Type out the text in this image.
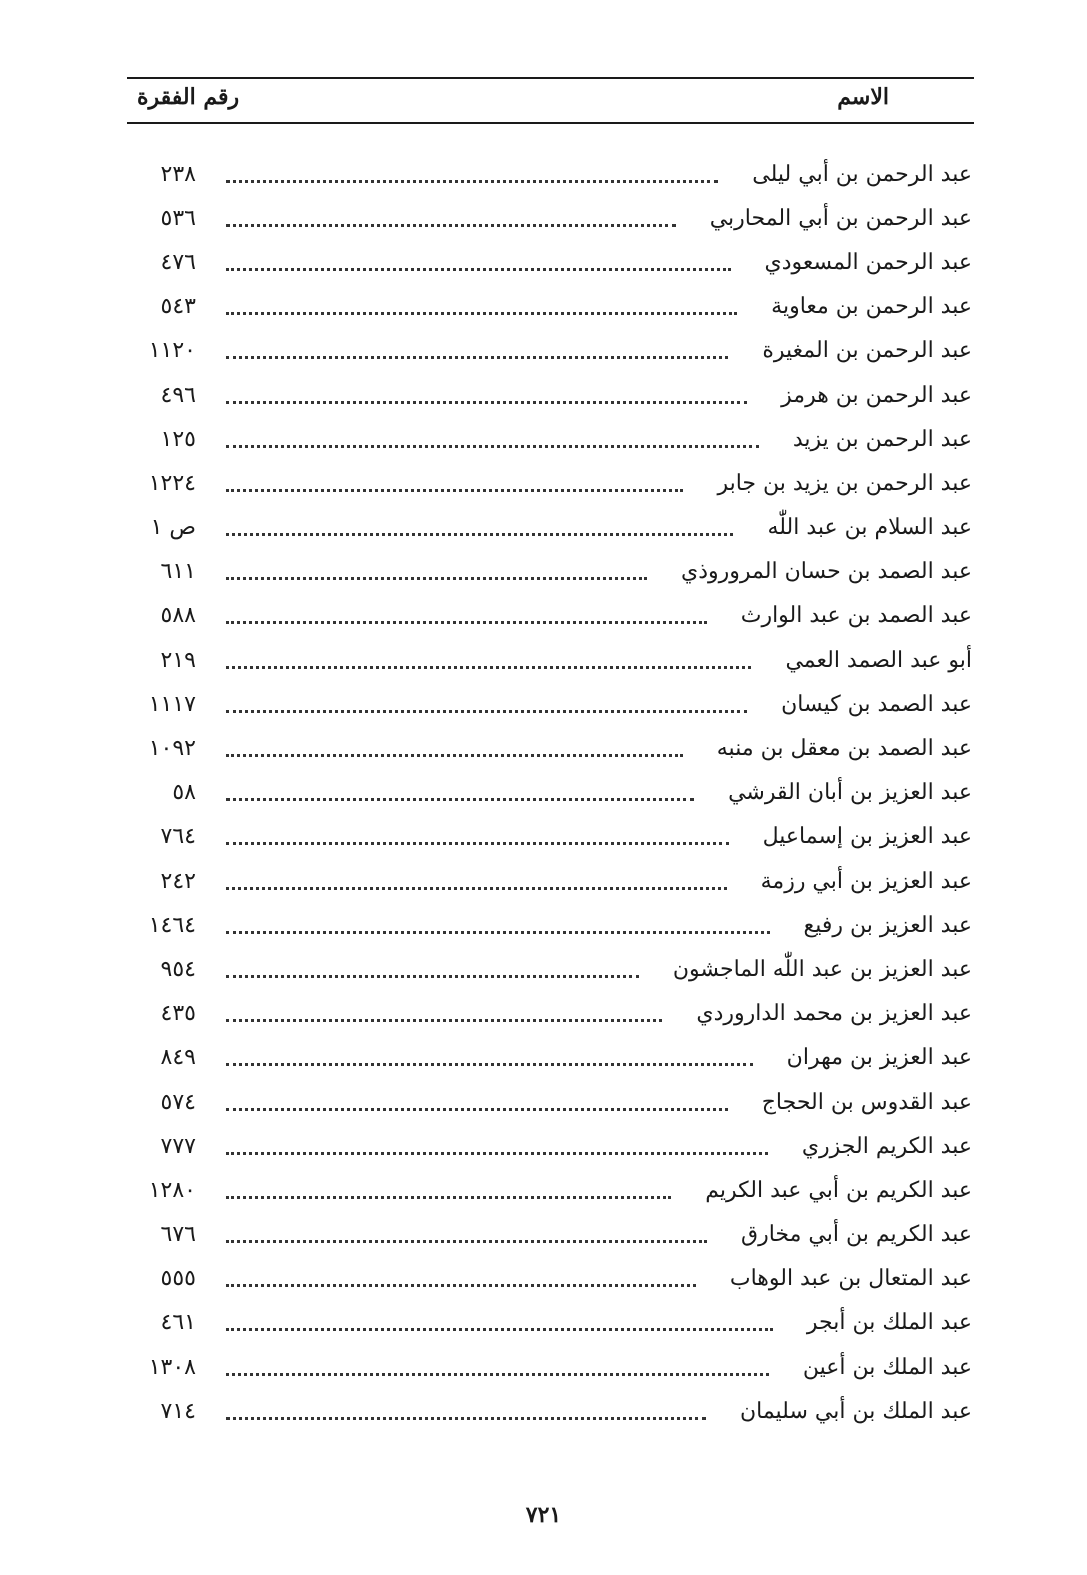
الاسم
رقم الفقرة
عبد الرحمن بن أبي ليلى
٢٣٨
عبد الرحمن بن أبي المحاربي
٥٣٦
عبد الرحمن المسعودي
٤٧٦
عبد الرحمن بن معاوية
٥٤٣
عبد الرحمن بن المغيرة
١١٢٠
عبد الرحمن بن هرمز
٤٩٦
عبد الرحمن بن يزيد
١٢٥
عبد الرحمن بن يزيد بن جابر
١٢٢٤
عبد السلام بن عبد اللّٰه
ص ١
عبد الصمد بن حسان المروروذي
٦١١
عبد الصمد بن عبد الوارث
٥٨٨
أبو عبد الصمد العمي
٢١٩
عبد الصمد بن كيسان
١١١٧
عبد الصمد بن معقل بن منبه
١٠٩٢
عبد العزيز بن أبان القرشي
٥٨
عبد العزيز بن إسماعيل
٧٦٤
عبد العزيز بن أبي رزمة
٢٤٢
عبد العزيز بن رفيع
١٤٦٤
عبد العزيز بن عبد اللّٰه الماجشون
٩٥٤
عبد العزيز بن محمد الداروردي
٤٣٥
عبد العزيز بن مهران
٨٤٩
عبد القدوس بن الحجاج
٥٧٤
عبد الكريم الجزري
٧٧٧
عبد الكريم بن أبي عبد الكريم
١٢٨٠
عبد الكريم بن أبي مخارق
٦٧٦
عبد المتعال بن عبد الوهاب
٥٥٥
عبد الملك بن أبجر
٤٦١
عبد الملك بن أعين
١٣٠٨
عبد الملك بن أبي سليمان
٧١٤
٧٢١
